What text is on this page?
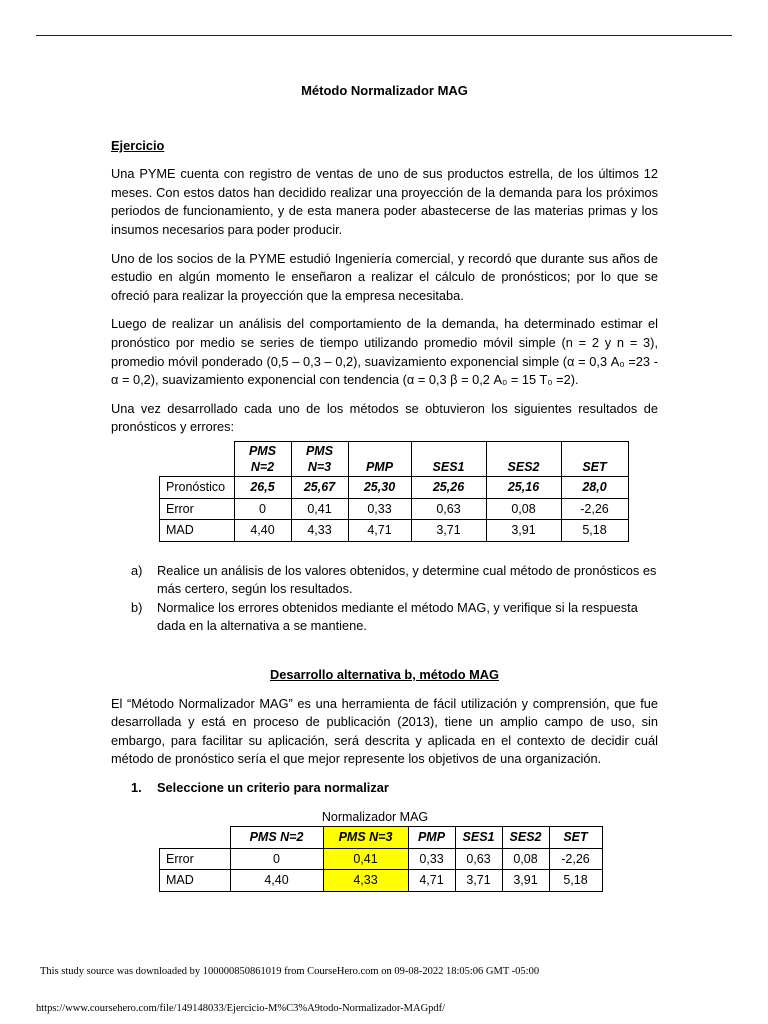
Método Normalizador MAG
Ejercicio

Una PYME cuenta con registro de ventas de uno de sus productos estrella, de los últimos 12 meses. Con estos datos han decidido realizar una proyección de la demanda para los próximos periodos de funcionamiento, y de esta manera poder abastecerse de las materias primas y los insumos necesarios para poder producir.

Uno de los socios de la PYME estudió Ingeniería comercial, y recordó que durante sus años de estudio en algún momento le enseñaron a realizar el cálculo de pronósticos; por lo que se ofreció para realizar la proyección que la empresa necesitaba.

Luego de realizar un análisis del comportamiento de la demanda, ha determinado estimar el pronóstico por medio se series de tiempo utilizando promedio móvil simple (n = 2 y n = 3), promedio móvil ponderado (0,5 – 0,3 – 0,2), suavizamiento exponencial simple (α = 0,3 A₀ =23 - α = 0,2), suavizamiento exponencial con tendencia (α = 0,3 β = 0,2 A₀ = 15 T₀ =2).

Una vez desarrollado cada uno de los métodos se obtuvieron los siguientes resultados de pronósticos y errores:

	PMS N=2	PMS N=3	PMP	SES1	SES2	SET
Pronóstico	26,5	25,67	25,30	25,26	25,16	28,0
Error	0	0,41	0,33	0,63	0,08	-2,26
MAD	4,40	4,33	4,71	3,71	3,91	5,18
a)	Realice un análisis de los valores obtenidos, y determine cual método de pronósticos es más certero, según los resultados.
b)	Normalice los errores obtenidos mediante el método MAG, y verifique si la respuesta dada en la alternativa a se mantiene.
Desarrollo alternativa b, método MAG

El “Método Normalizador MAG” es una herramienta de fácil utilización y comprensión, que fue desarrollada y está en proceso de publicación (2013), tiene un amplio campo de uso, sin embargo, para facilitar su aplicación, será descrita y aplicada en el contexto de decidir cuál método de pronóstico sería el que mejor represente los objetivos de una organización.

1.	Seleccione un criterio para normalizar
Normalizador MAG
	PMS N=2	PMS N=3	PMP	SES1	SES2	SET
Error	0	0,41	0,33	0,63	0,08	-2,26
MAD	4,40	4,33	4,71	3,71	3,91	5,18
This study source was downloaded by 100000850861019 from CourseHero.com on 09-08-2022 18:05:06 GMT -05:00
https://www.coursehero.com/file/149148033/Ejercicio-M%C3%A9todo-Normalizador-MAGpdf/
